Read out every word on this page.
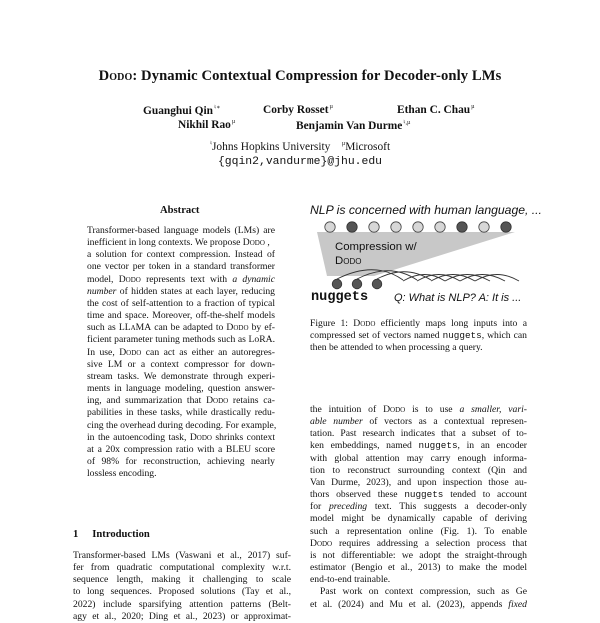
Dodo: Dynamic Contextual Compression for Decoder-only LMs
Guanghui Qin♮∗	Corby Rosset$^\mu$	Ethan C. Chau$^\mu$
Nikhil Rao$^\mu$	Benjamin Van Durme$^{♮,\mu}$
♮Johns Hopkins University $^\mu$Microsoft
{gqin2,vandurme}@jhu.edu
Abstract
Transformer-based language models (LMs) are
inefficient in long contexts. We propose Dodo ,
a solution for context compression. Instead of
one vector per token in a standard transformer
model, Dodo represents text with a dynamic
number of hidden states at each layer, reducing
the cost of self-attention to a fraction of typical
time and space. Moreover, off-the-shelf models
such as LLaMA can be adapted to Dodo by ef-
ficient parameter tuning methods such as LoRA.
In use, Dodo can act as either an autoregres-
sive LM or a context compressor for down-
stream tasks. We demonstrate through experi-
ments in language modeling, question answer-
ing, and summarization that Dodo retains ca-
pabilities in these tasks, while drastically redu-
cing the overhead during decoding. For example,
in the autoencoding task, Dodo shrinks context
at a 20x compression ratio with a BLEU score
of 98% for reconstruction, achieving nearly
lossless encoding.
1 Introduction
Transformer-based LMs (Vaswani et al., 2017) suf-
fer from quadratic computational complexity w.r.t.
sequence length, making it challenging to scale
to long sequences. Proposed solutions (Tay et al.,
2022) include sparsifying attention patterns (Belt-
agy et al., 2020; Ding et al., 2023) or approximat-
NLP is concerned with human language, ...
Compression w/
Dodo
nuggets Q: What is NLP? A: It is ...
Figure 1: Dodo efficiently maps long inputs into a
compressed set of vectors named nuggets, which can
then be attended to when processing a query.
the intuition of Dodo is to use a smaller, vari-
able number of vectors as a contextual represen-
tation. Past research indicates that a subset of to-
ken embeddings, named nuggets, in an encoder
with global attention may carry enough informa-
tion to reconstruct surrounding context (Qin and
Van Durme, 2023), and upon inspection those au-
thors observed these nuggets tended to account
for preceding text. This suggests a decoder-only
model might be dynamically capable of deriving
such a representation online (Fig. 1). To enable
Dodo requires addressing a selection process that
is not differentiable: we adopt the straight-through
estimator (Bengio et al., 2013) to make the model
end-to-end trainable.
Past work on context compression, such as Ge
et al. (2024) and Mu et al. (2023), appends fixed
